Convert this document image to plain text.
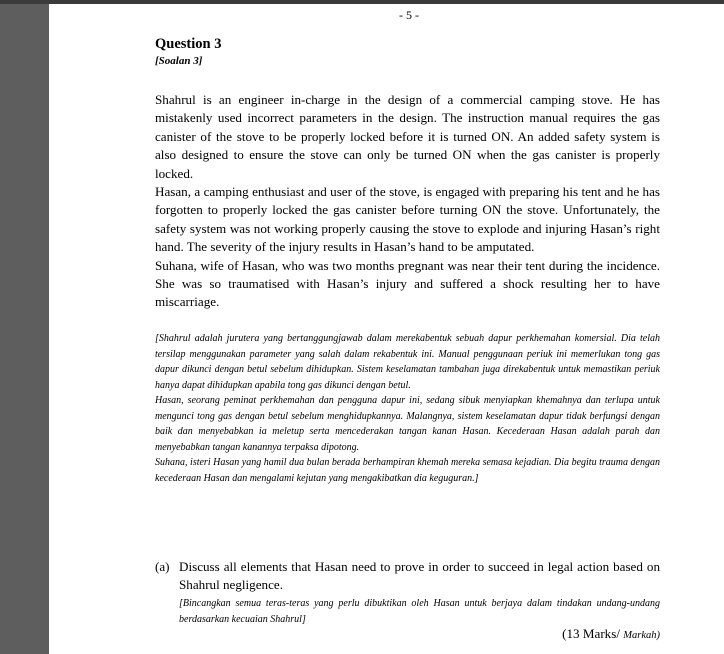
- 5 -
Question 3
[Soalan 3]

Shahrul is an engineer in-charge in the design of a commercial camping stove. He has mistakenly used incorrect parameters in the design. The instruction manual requires the gas canister of the stove to be properly locked before it is turned ON. An added safety system is also designed to ensure the stove can only be turned ON when the gas canister is properly locked.

Hasan, a camping enthusiast and user of the stove, is engaged with preparing his tent and he has forgotten to properly locked the gas canister before turning ON the stove. Unfortunately, the safety system was not working properly causing the stove to explode and injuring Hasan’s right hand. The severity of the injury results in Hasan’s hand to be amputated.

Suhana, wife of Hasan, who was two months pregnant was near their tent during the incidence. She was so traumatised with Hasan’s injury and suffered a shock resulting her to have miscarriage.

[Shahrul adalah jurutera yang bertanggungjawab dalam merekabentuk sebuah dapur perkhemahan komersial. Dia telah tersilap menggunakan parameter yang salah dalam rekabentuk ini. Manual penggunaan periuk ini memerlukan tong gas dapur dikunci dengan betul sebelum dihidupkan. Sistem keselamatan tambahan juga direkabentuk untuk memastikan periuk hanya dapat dihidupkan apabila tong gas dikunci dengan betul.

Hasan, seorang peminat perkhemahan dan pengguna dapur ini, sedang sibuk menyiapkan khemahnya dan terlupa untuk mengunci tong gas dengan betul sebelum menghidupkannya. Malangnya, sistem keselamatan dapur tidak berfungsi dengan baik dan menyebabkan ia meletup serta mencederakan tangan kanan Hasan. Kecederaan Hasan adalah parah dan menyebabkan tangan kanannya terpaksa dipotong.

Suhana, isteri Hasan yang hamil dua bulan berada berhampiran khemah mereka semasa kejadian. Dia begitu trauma dengan kecederaan Hasan dan mengalami kejutan yang mengakibatkan dia keguguran.]

(a) Discuss all elements that Hasan need to prove in order to succeed in legal action based on Shahrul negligence.
[Bincangkan semua teras-teras yang perlu dibuktikan oleh Hasan untuk berjaya dalam tindakan undang-undang berdasarkan kecuaian Shahrul]
(13 Marks/ Markah)
